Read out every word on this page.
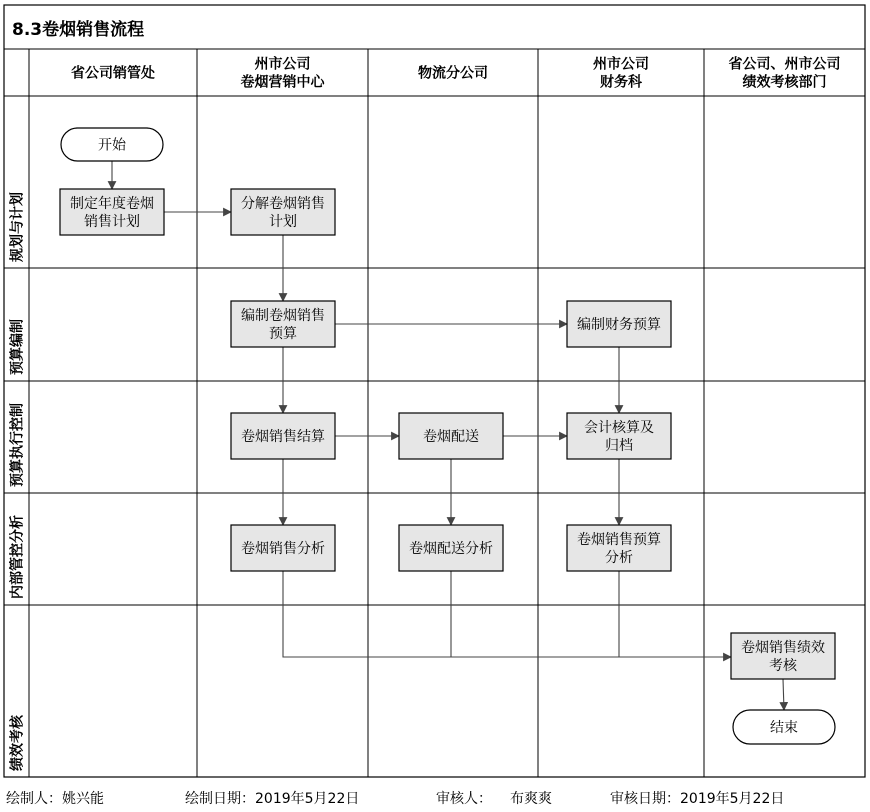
8.3卷烟销售流程
省公司销管处
州市公司
卷烟营销中心
物流分公司
州市公司
财务科
省公司、州市公司
绩效考核部门
规划与计划
预算编制
预算执行控制
内部管控分析
绩效考核
开始
制定年度卷烟
销售计划
分解卷烟销售
计划
编制卷烟销售
预算
编制财务预算
卷烟销售结算	卷烟配送
会计核算及
归档
卷烟销售分析	卷烟配送分析
卷烟销售预算
分析
卷烟销售绩效
考核
结束
绘制人：姚兴能	绘制日期：2019年5月22日	审核人： 布爽爽	审核日期：2019年5月22日
